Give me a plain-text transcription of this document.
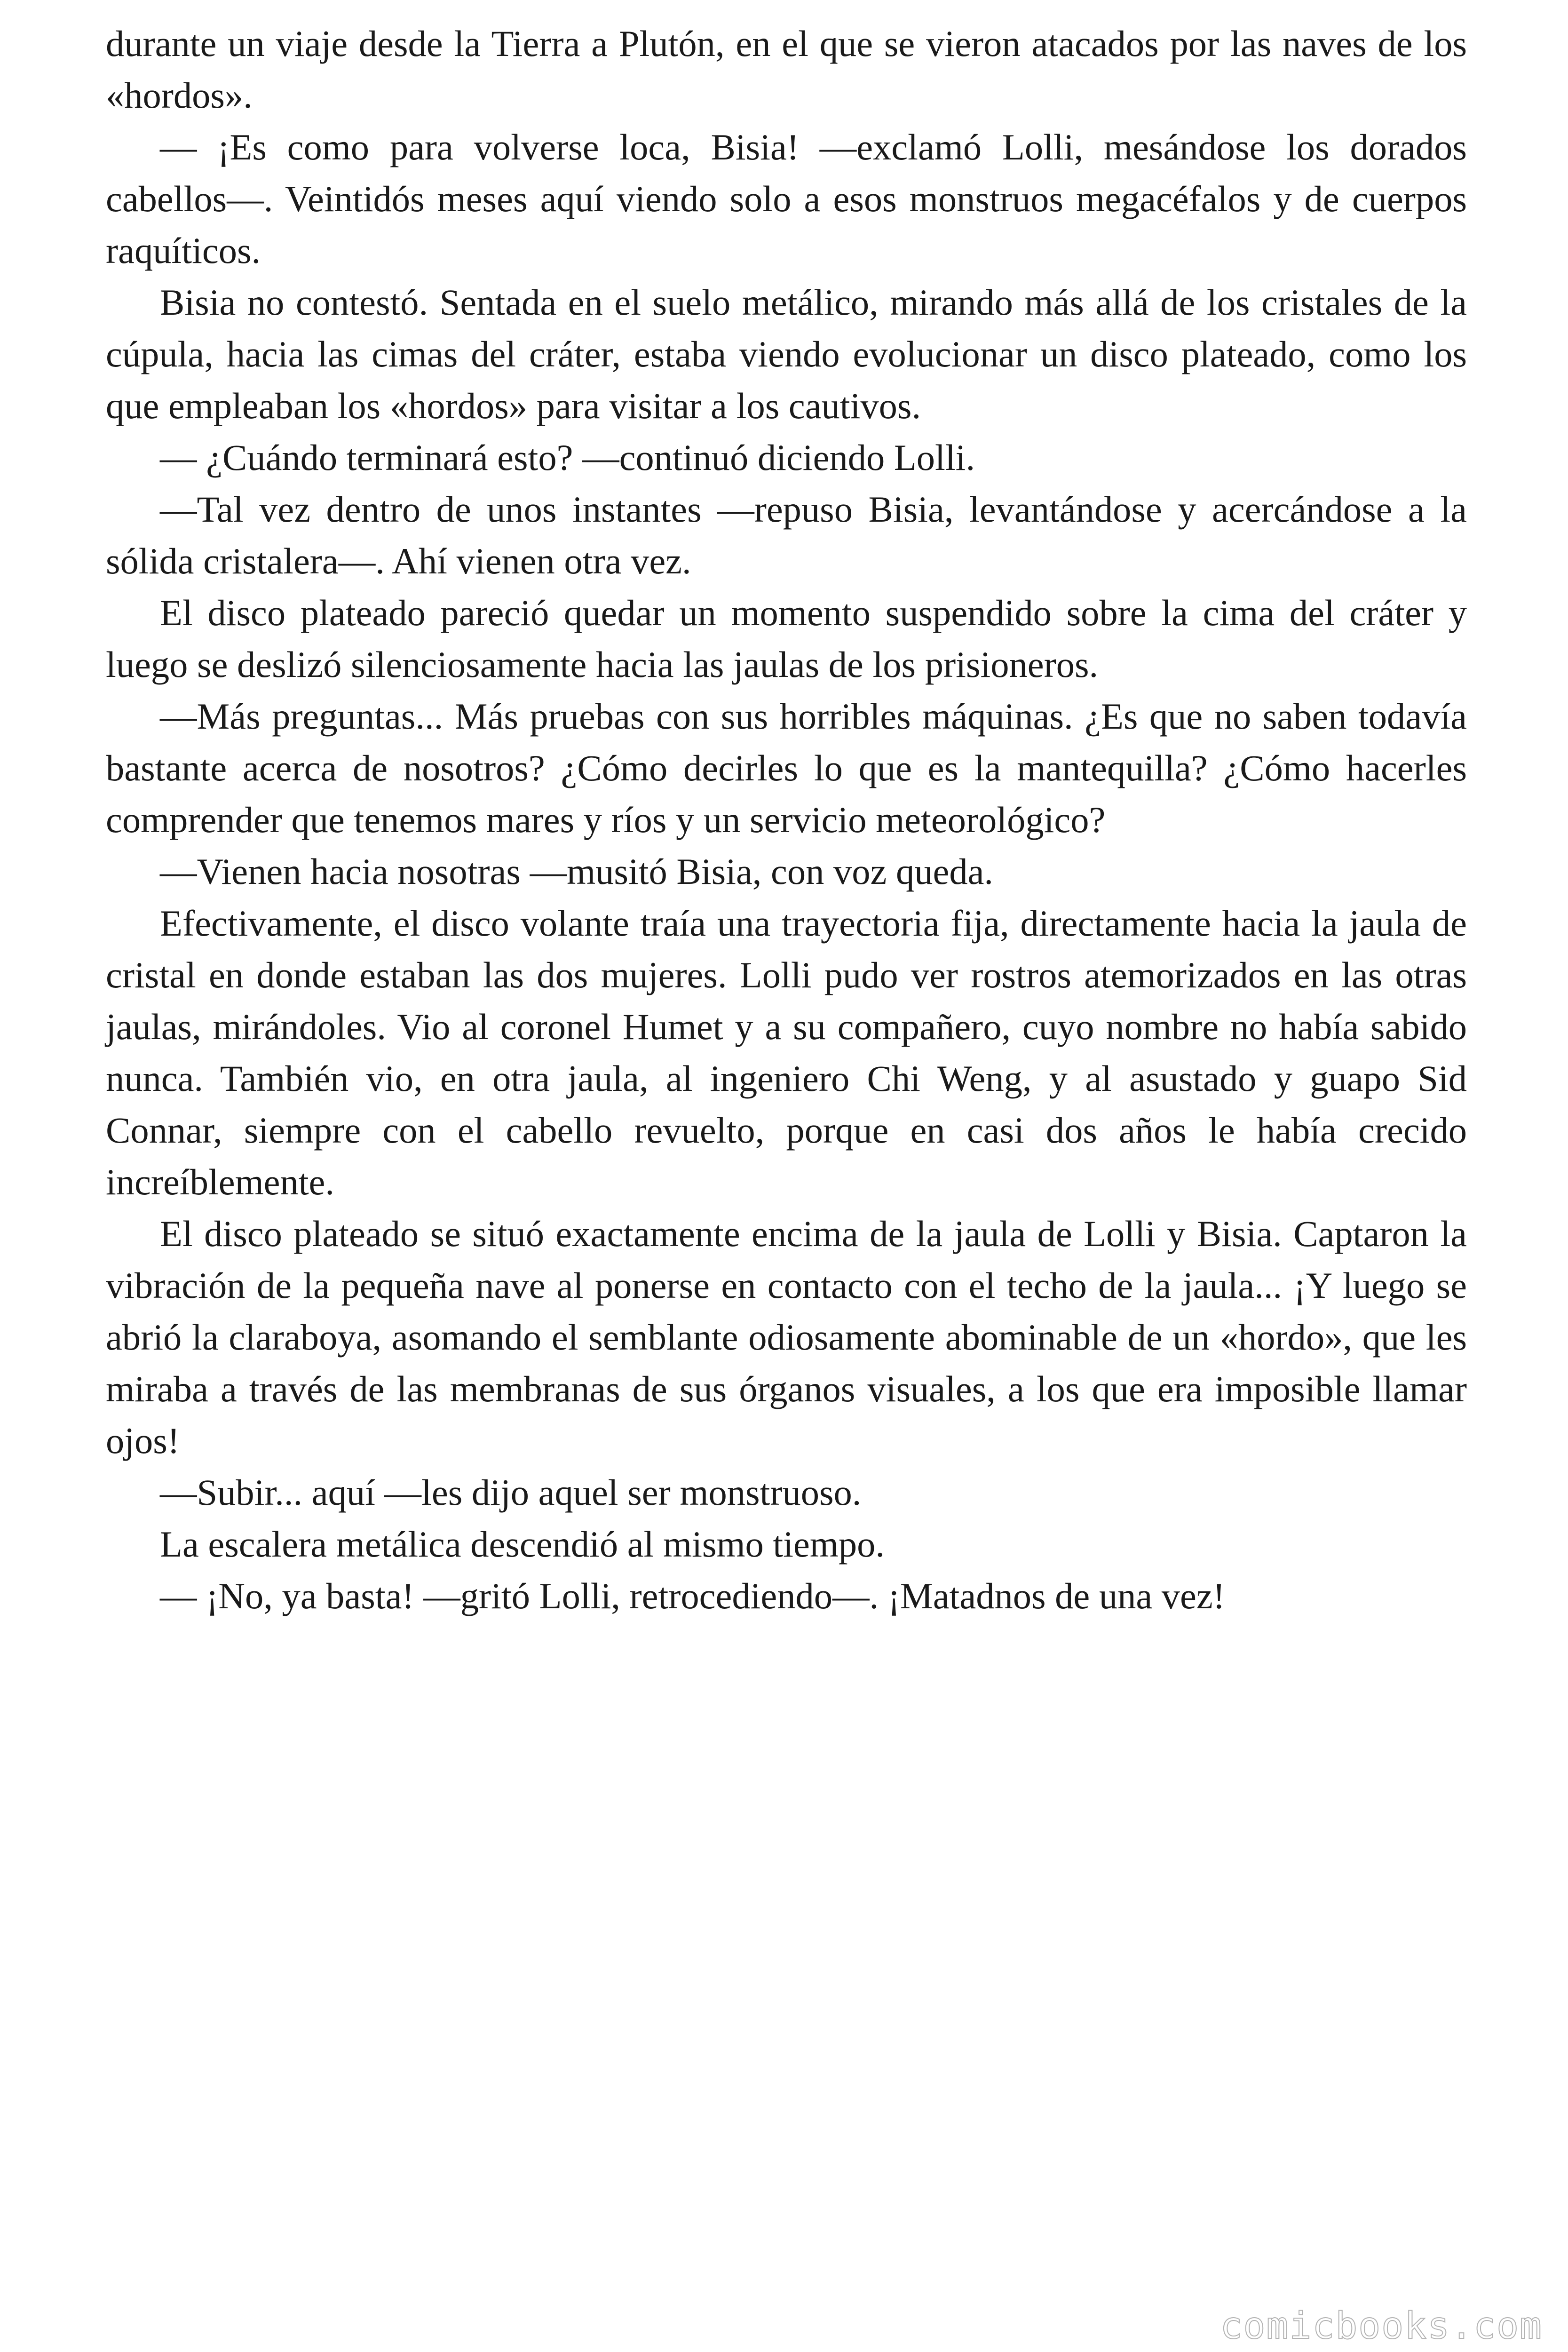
durante un viaje desde la Tierra a Plutón, en el que se vieron atacados por las naves de los «hordos».

— ¡Es como para volverse loca, Bisia! —exclamó Lolli, mesándose los dorados cabellos—. Veintidós meses aquí viendo solo a esos monstruos megacéfalos y de cuerpos raquíticos.

Bisia no contestó. Sentada en el suelo metálico, mirando más allá de los cristales de la cúpula, hacia las cimas del cráter, estaba viendo evolucionar un disco plateado, como los que empleaban los «hordos» para visitar a los cautivos.

— ¿Cuándo terminará esto? —continuó diciendo Lolli.

—Tal vez dentro de unos instantes —repuso Bisia, levantándose y acercándose a la sólida cristalera—. Ahí vienen otra vez.

El disco plateado pareció quedar un momento suspendido sobre la cima del cráter y luego se deslizó silenciosamente hacia las jaulas de los prisioneros.

—Más preguntas... Más pruebas con sus horribles máquinas. ¿Es que no saben todavía bastante acerca de nosotros? ¿Cómo decirles lo que es la mantequilla? ¿Cómo hacerles comprender que tenemos mares y ríos y un servicio meteorológico?

—Vienen hacia nosotras —musitó Bisia, con voz queda.

Efectivamente, el disco volante traía una trayectoria fija, directamente hacia la jaula de cristal en donde estaban las dos mujeres. Lolli pudo ver rostros atemorizados en las otras jaulas, mirándoles. Vio al coronel Humet y a su compañero, cuyo nombre no había sabido nunca. También vio, en otra jaula, al ingeniero Chi Weng, y al asustado y guapo Sid Connar, siempre con el cabello revuelto, porque en casi dos años le había crecido increíblemente.

El disco plateado se situó exactamente encima de la jaula de Lolli y Bisia. Captaron la vibración de la pequeña nave al ponerse en contacto con el techo de la jaula... ¡Y luego se abrió la claraboya, asomando el semblante odiosamente abominable de un «hordo», que les miraba a través de las membranas de sus órganos visuales, a los que era imposible llamar ojos!

—Subir... aquí —les dijo aquel ser monstruoso.

La escalera metálica descendió al mismo tiempo.

— ¡No, ya basta! —gritó Lolli, retrocediendo—. ¡Matadnos de una vez!

comicbooks.com
